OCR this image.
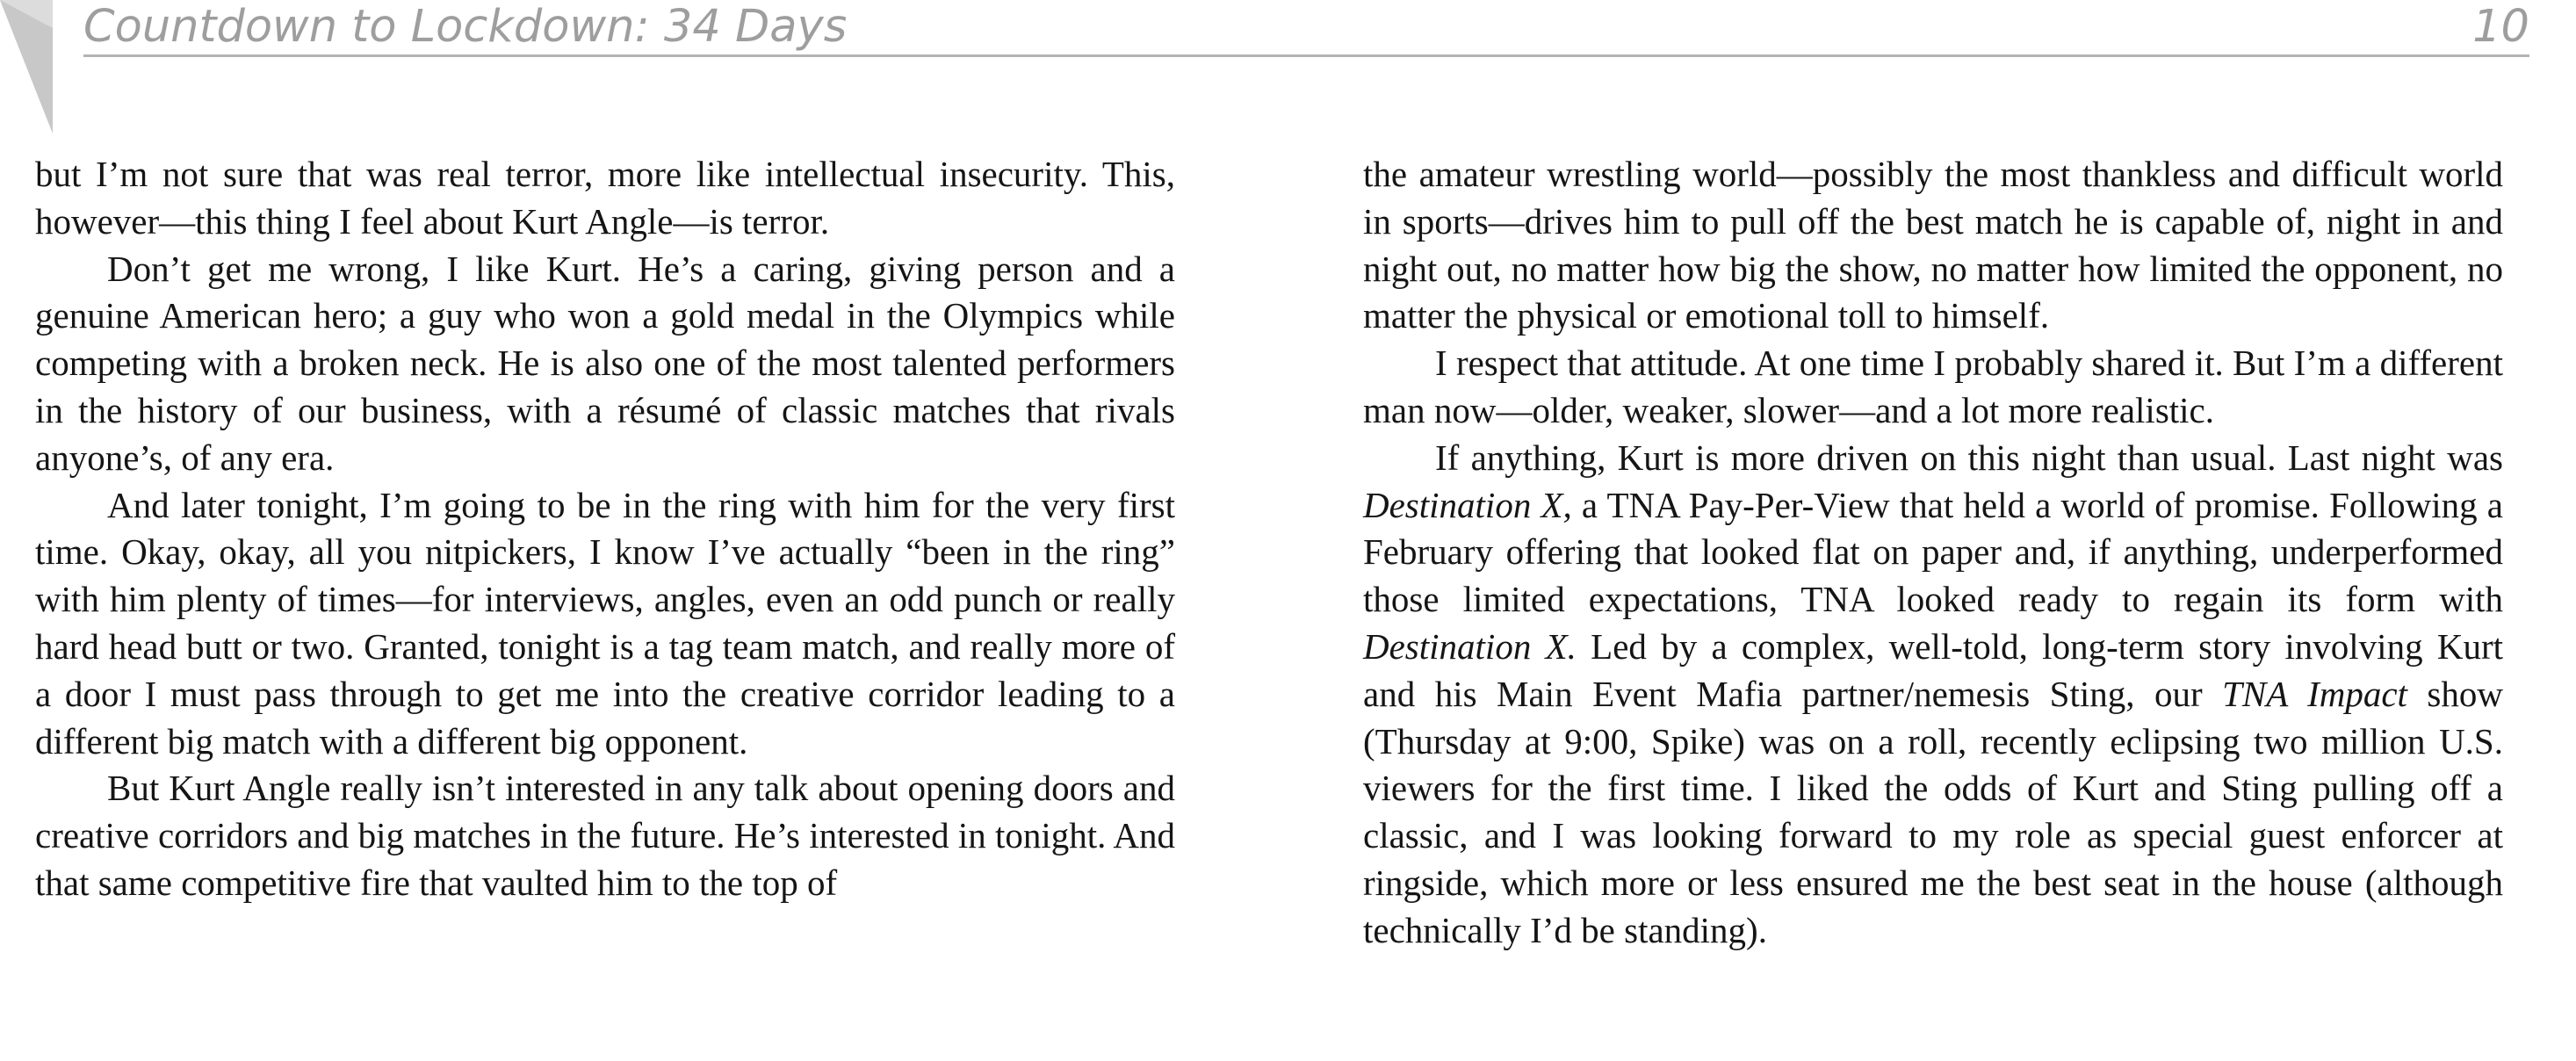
Countdown to Lockdown: 34 Days	10

but I’m not sure that was real terror, more like intellectual insecurity. This, however—this thing I feel about Kurt Angle—is terror.

Don’t get me wrong, I like Kurt. He’s a caring, giving person and a genuine American hero; a guy who won a gold medal in the Olympics while competing with a broken neck. He is also one of the most talented performers in the history of our business, with a résumé of classic matches that rivals anyone’s, of any era.

And later tonight, I’m going to be in the ring with him for the very first time. Okay, okay, all you nitpickers, I know I’ve actually “been in the ring” with him plenty of times—for interviews, angles, even an odd punch or really hard head butt or two. Granted, tonight is a tag team match, and really more of a door I must pass through to get me into the creative corridor leading to a different big match with a different big opponent.

But Kurt Angle really isn’t interested in any talk about opening doors and creative corridors and big matches in the future. He’s interested in tonight. And that same competitive fire that vaulted him to the top of

the amateur wrestling world—possibly the most thankless and difficult world in sports—drives him to pull off the best match he is capable of, night in and night out, no matter how big the show, no matter how limited the opponent, no matter the physical or emotional toll to himself.

I respect that attitude. At one time I probably shared it. But I’m a different man now—older, weaker, slower—and a lot more realistic.

If anything, Kurt is more driven on this night than usual. Last night was Destination X, a TNA Pay-Per-View that held a world of promise. Following a February offering that looked flat on paper and, if anything, underperformed those limited expectations, TNA looked ready to regain its form with Destination X. Led by a complex, well-told, long-term story involving Kurt and his Main Event Mafia partner/nemesis Sting, our TNA Impact show (Thursday at 9:00, Spike) was on a roll, recently eclipsing two million U.S. viewers for the first time. I liked the odds of Kurt and Sting pulling off a classic, and I was looking forward to my role as special guest enforcer at ringside, which more or less ensured me the best seat in the house (although technically I’d be standing).
